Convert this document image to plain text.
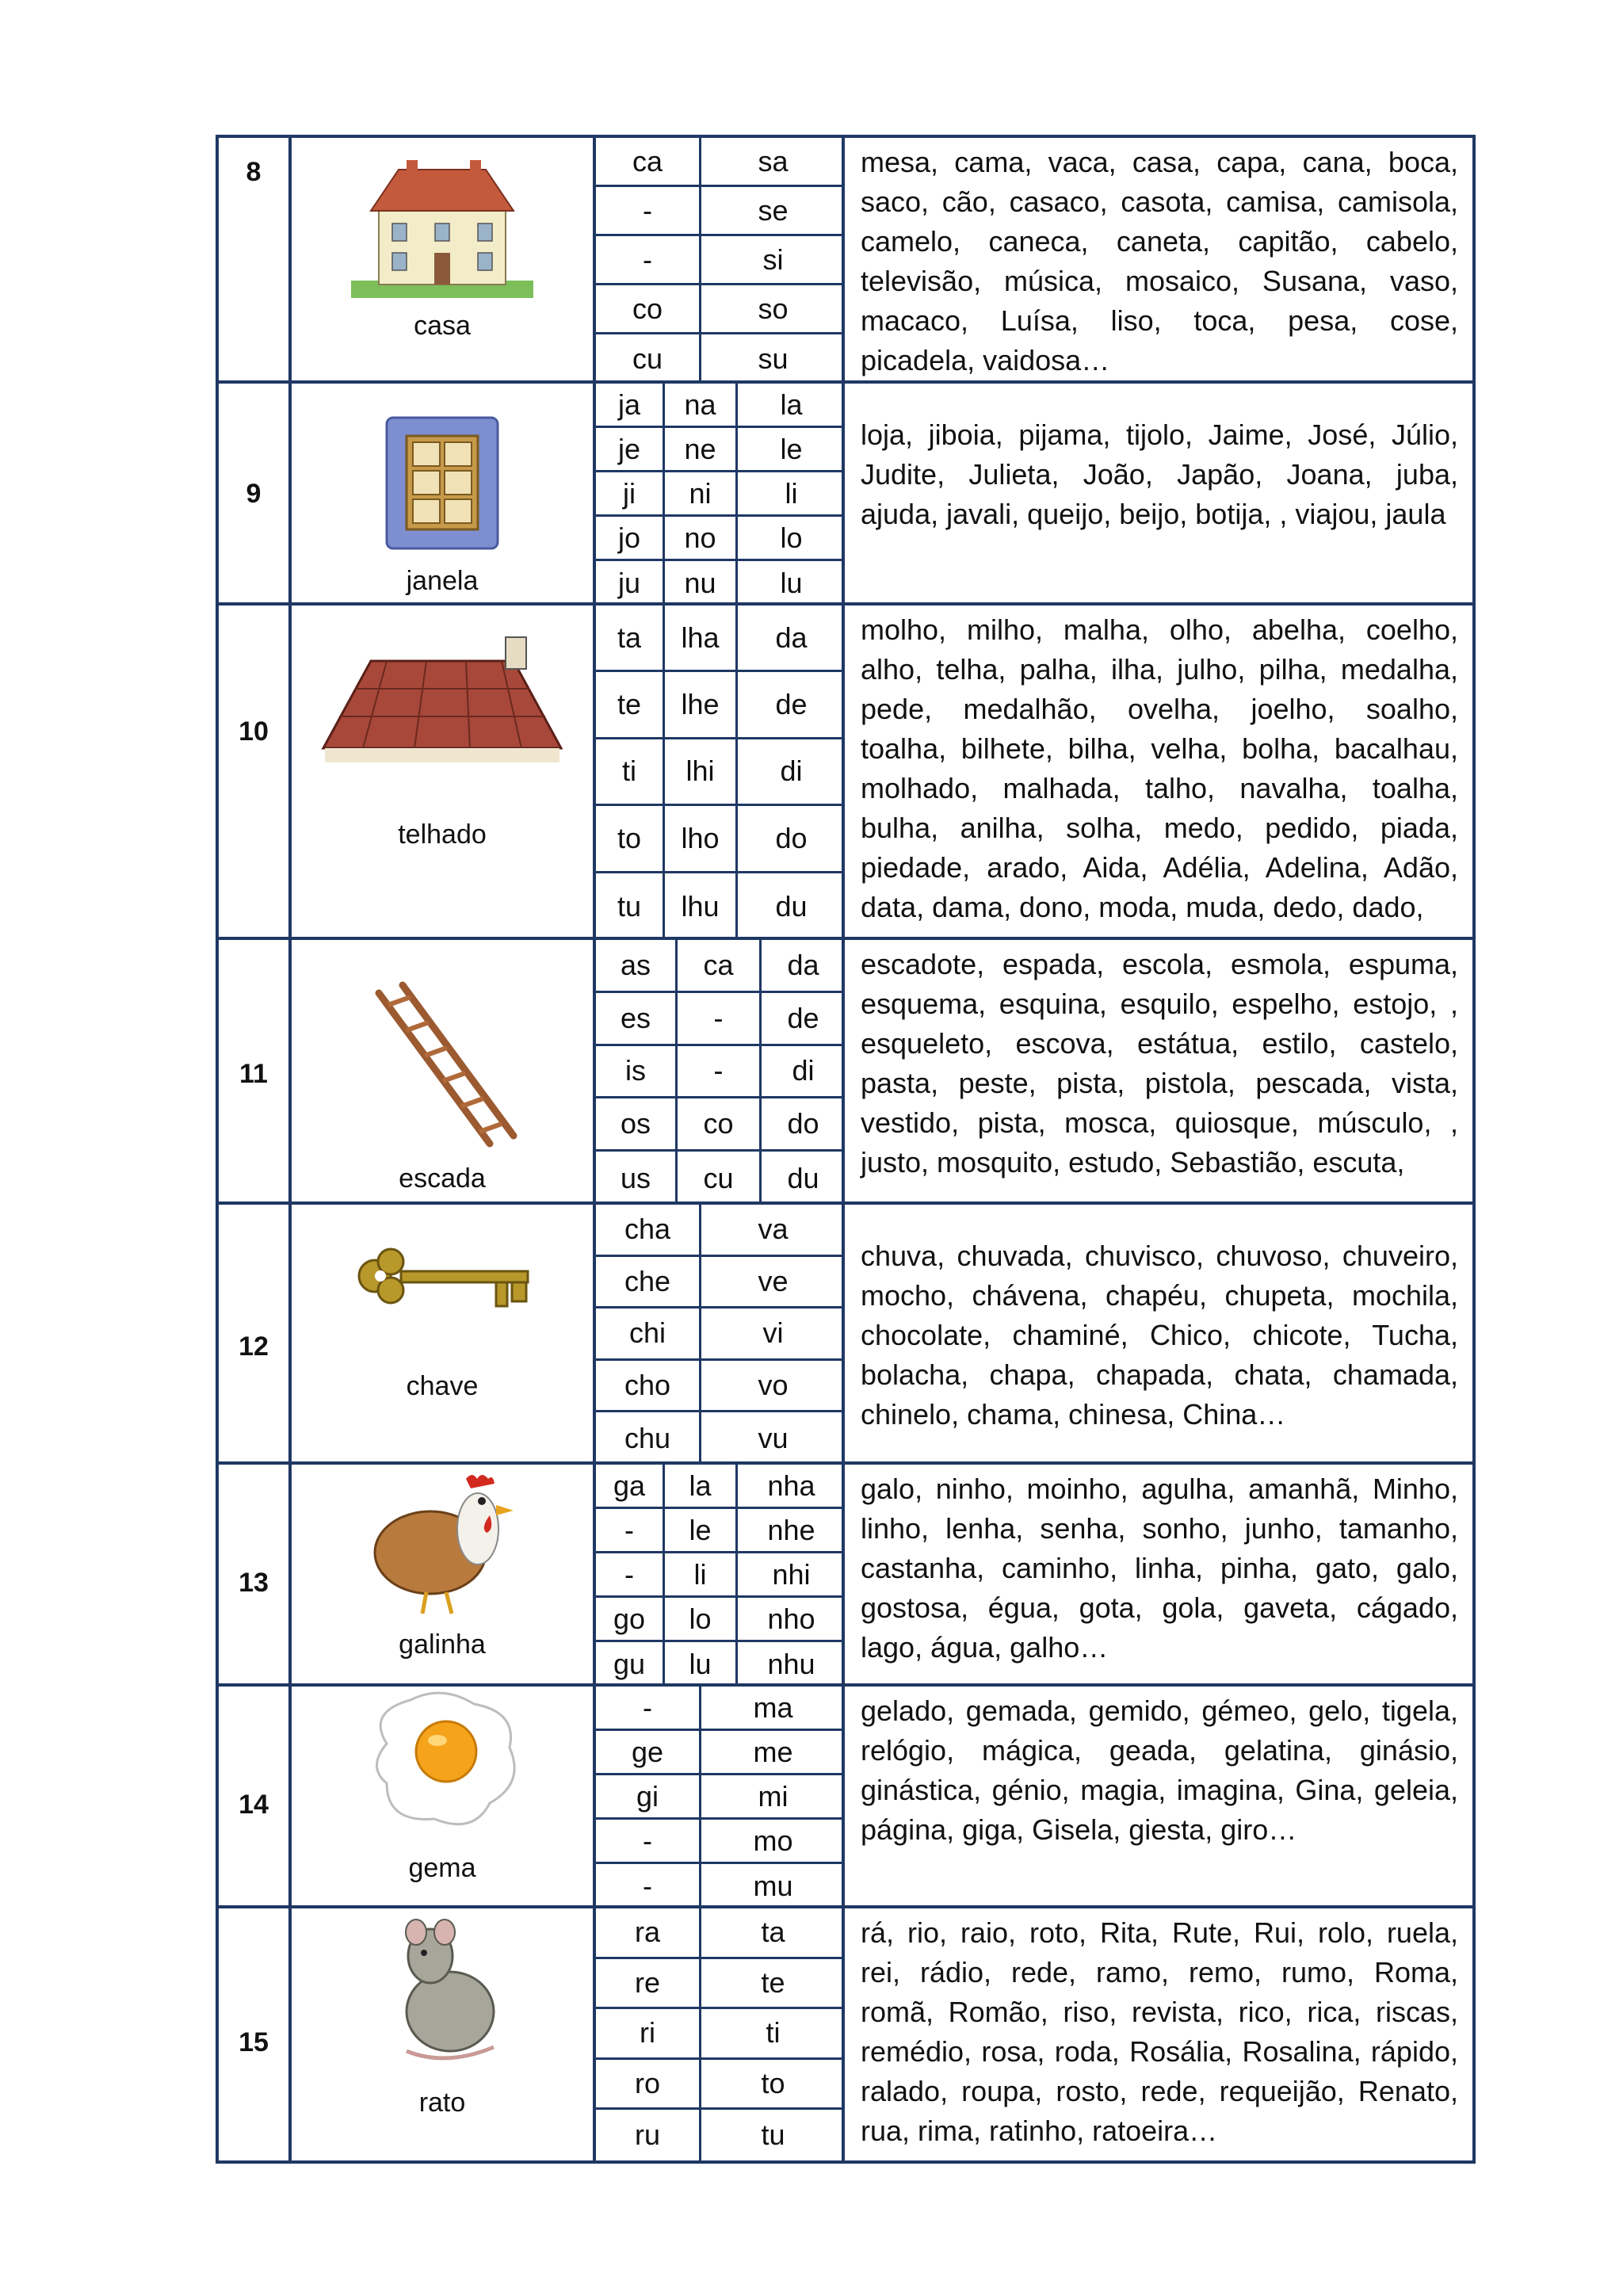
8
casa
ca	sa
-	se
-	si
co	so
cu	su
mesa, cama, vaca, casa, capa, cana, boca, saco, cão, casaco, casota, camisa, camisola, camelo, caneca, caneta, capitão, cabelo, televisão, música, mosaico, Susana, vaso, macaco, Luísa, liso, toca, pesa, cose, picadela, vaidosa…
9
janela
ja	na	la
je	ne	le
ji	ni	li
jo	no	lo
ju	nu	lu
loja, jiboia, pijama, tijolo, Jaime, José, Júlio, Judite, Julieta, João, Japão, Joana, juba, ajuda, javali, queijo, beijo, botija, , viajou, jaula
10
telhado
ta	lha	da
te	lhe	de
ti	lhi	di
to	lho	do
tu	lhu	du
molho, milho, malha, olho, abelha, coelho, alho, telha, palha, ilha, julho, pilha, medalha, pede, medalhão, ovelha, joelho, soalho, toalha, bilhete, bilha, velha, bolha, bacalhau, molhado, malhada, talho, navalha, toalha, bulha, anilha, solha, medo, pedido, piada, piedade, arado, Aida, Adélia, Adelina, Adão, data, dama, dono, moda, muda, dedo, dado,
11
escada
as	ca	da
es	-	de
is	-	di
os	co	do
us	cu	du
escadote, espada, escola, esmola, espuma, esquema, esquina, esquilo, espelho, estojo, , esqueleto, escova, estátua, estilo, castelo, pasta, peste, pista, pistola, pescada, vista, vestido, pista, mosca, quiosque, músculo, , justo, mosquito, estudo, Sebastião, escuta,
12
chave
cha	va
che	ve
chi	vi
cho	vo
chu	vu
chuva, chuvada, chuvisco, chuvoso, chuveiro, mocho, chávena, chapéu, chupeta, mochila, chocolate, chaminé, Chico, chicote, Tucha, bolacha, chapa, chapada, chata, chamada, chinelo, chama, chinesa, China…
13
galinha
ga	la	nha
-	le	nhe
-	li	nhi
go	lo	nho
gu	lu	nhu
galo, ninho, moinho, agulha, amanhã, Minho, linho, lenha, senha, sonho, junho, tamanho, castanha, caminho, linha, pinha, gato, galo, gostosa, égua, gota, gola, gaveta, cágado, lago, água, galho…
14
gema
-	ma
ge	me
gi	mi
-	mo
-	mu
gelado, gemada, gemido, gémeo, gelo, tigela, relógio, mágica, geada, gelatina, ginásio, ginástica, génio, magia, imagina, Gina, geleia, página, giga, Gisela, giesta, giro…
15
rato
ra	ta
re	te
ri	ti
ro	to
ru	tu
rá, rio, raio, roto, Rita, Rute, Rui, rolo, ruela, rei, rádio, rede, ramo, remo, rumo, Roma, romã, Romão, riso, revista, rico, rica, riscas, remédio, rosa, roda, Rosália, Rosalina, rápido, ralado, roupa, rosto, rede, requeijão, Renato, rua, rima, ratinho, ratoeira…
